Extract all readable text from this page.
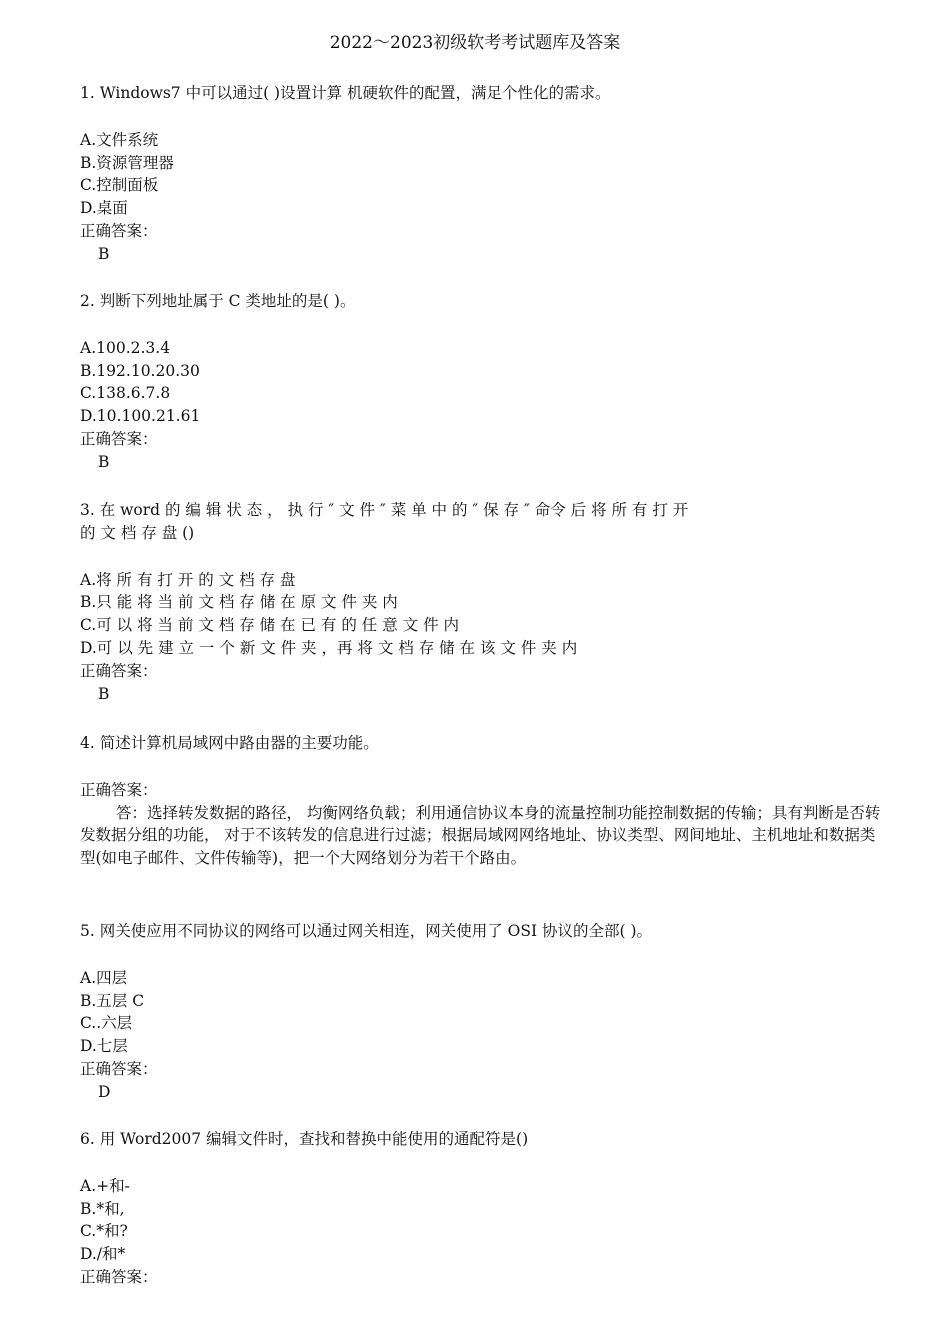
2022～2023初级软考考试题库及答案
1. Windows7 中可以通过( )设置计算 机硬软件的配置，满足个性化的需求。
A.文件系统
B.资源管理器
C.控制面板
D.桌面
正确答案：
B
2. 判断下列地址属于 C 类地址的是( )。
A.100.2.3.4
B.192.10.20.30
C.138.6.7.8
D.10.100.21.61
正确答案：
B
3. 在 word 的 编 辑 状 态 ， 执 行 ″ 文 件 ″ 菜 单 中 的 ″ 保 存 ″ 命令 后 将 所 有 打 开
的 文 档 存 盘 ()
A.将 所 有 打 开 的 文 档 存 盘
B.只 能 将 当 前 文 档 存 储 在 原 文 件 夹 内
C.可 以 将 当 前 文 档 存 储 在 已 有 的 任 意 文 件 内
D.可 以 先 建 立 一 个 新 文 件 夹 ，再 将 文 档 存 储 在 该 文 件 夹 内
正确答案：
B
4. 简述计算机局域网中路由器的主要功能。
正确答案：
答：选择转发数据的路径， 均衡网络负载；利用通信协议本身的流量控制功能控制数据的传输；具有判断是否转发数据分组的功能， 对于不该转发的信息进行过滤；根据局域网网络地址、协议类型、网间地址、主机地址和数据类型(如电子邮件、文件传输等)，把一个大网络划分为若干个路由。
5. 网关使应用不同协议的网络可以通过网关相连，网关使用了 OSI 协议的全部( )。
A.四层
B.五层 C
C..六层
D.七层
正确答案：
D
6. 用 Word2007 编辑文件时，查找和替换中能使用的通配符是()
A.+和-
B.*和,
C.*和?
D./和*
正确答案：
